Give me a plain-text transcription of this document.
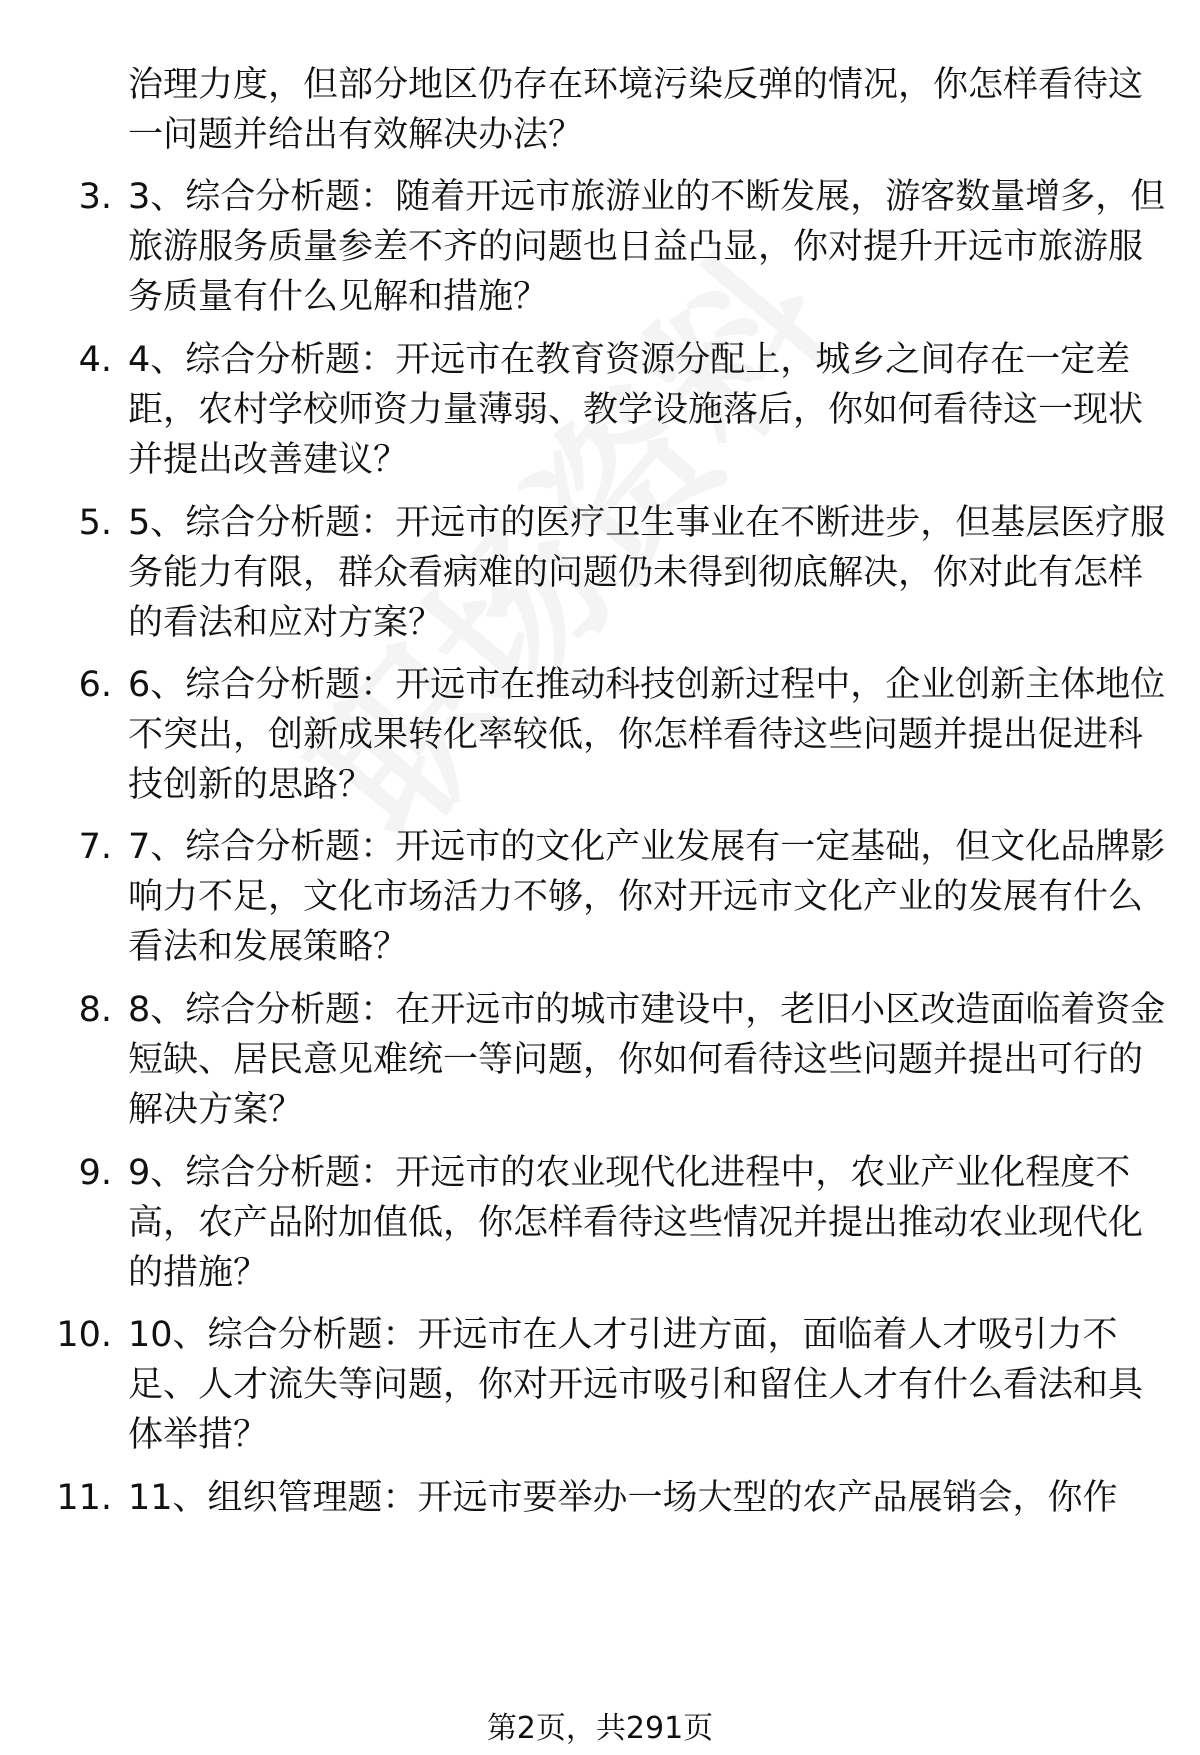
治理力度，但部分地区仍存在环境污染反弹的情况，你怎样看待这一问题并给出有效解决办法？
3. 3、综合分析题：随着开远市旅游业的不断发展，游客数量增多，但旅游服务质量参差不齐的问题也日益凸显，你对提升开远市旅游服务质量有什么见解和措施？
4. 4、综合分析题：开远市在教育资源分配上，城乡之间存在一定差距，农村学校师资力量薄弱、教学设施落后，你如何看待这一现状并提出改善建议？
5. 5、综合分析题：开远市的医疗卫生事业在不断进步，但基层医疗服务能力有限，群众看病难的问题仍未得到彻底解决，你对此有怎样的看法和应对方案？
6. 6、综合分析题：开远市在推动科技创新过程中，企业创新主体地位不突出，创新成果转化率较低，你怎样看待这些问题并提出促进科技创新的思路？
7. 7、综合分析题：开远市的文化产业发展有一定基础，但文化品牌影响力不足，文化市场活力不够，你对开远市文化产业的发展有什么看法和发展策略？
8. 8、综合分析题：在开远市的城市建设中，老旧小区改造面临着资金短缺、居民意见难统一等问题，你如何看待这些问题并提出可行的解决方案？
9. 9、综合分析题：开远市的农业现代化进程中，农业产业化程度不高，农产品附加值低，你怎样看待这些情况并提出推动农业现代化的措施？
10. 10、综合分析题：开远市在人才引进方面，面临着人才吸引力不足、人才流失等问题，你对开远市吸引和留住人才有什么看法和具体举措？
11. 11、组织管理题：开远市要举办一场大型的农产品展销会，你作
第2页，共291页
